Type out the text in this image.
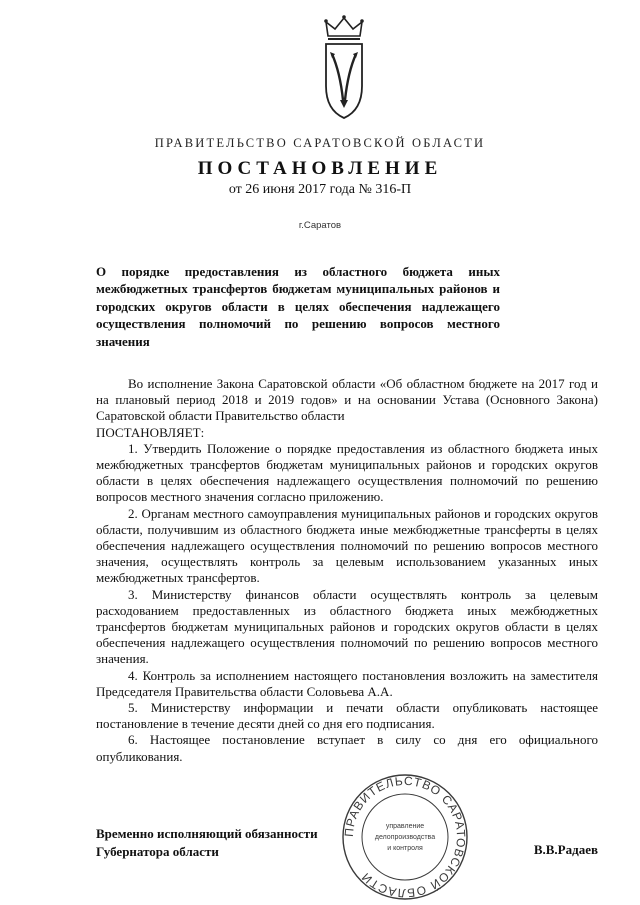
ПРАВИТЕЛЬСТВО САРАТОВСКОЙ ОБЛАСТИ
ПОСТАНОВЛЕНИЕ
от 26 июня 2017 года № 316-П
г.Саратов
О порядке предоставления из областного бюджета иных межбюджетных трансфертов бюджетам муниципальных районов и городских округов области в целях обеспечения надлежащего осуществления полномочий по решению вопросов местного значения

Во исполнение Закона Саратовской области «Об областном бюджете на 2017 год и на плановый период 2018 и 2019 годов» и на основании Устава (Основного Закона) Саратовской области Правительство области

ПОСТАНОВЛЯЕТ:

1. Утвердить Положение о порядке предоставления из областного бюджета иных межбюджетных трансфертов бюджетам муниципальных районов и городских округов области в целях обеспечения надлежащего осуществления полномочий по решению вопросов местного значения согласно приложению.

2. Органам местного самоуправления муниципальных районов и городских округов области, получившим из областного бюджета иные межбюджетные трансферты в целях обеспечения надлежащего осуществления полномочий по решению вопросов местного значения, осуществлять контроль за целевым использованием указанных иных межбюджетных трансфертов.

3. Министерству финансов области осуществлять контроль за целевым расходованием предоставленных из областного бюджета иных межбюджетных трансфертов бюджетам муниципальных районов и городских округов области в целях обеспечения надлежащего осуществления полномочий по решению вопросов местного значения.

4. Контроль за исполнением настоящего постановления возложить на заместителя Председателя Правительства области Соловьева А.А.

5. Министерству информации и печати области опубликовать настоящее постановление в течение десяти дней со дня его подписания.

6. Настоящее постановление вступает в силу со дня его официального опубликования.

Временно исполняющий обязанности
Губернатора области	В.В.Радаев
ПРАВИТЕЛЬСТВО САРАТОВСКОЙ ОБЛАСТИ
управление
делопроизводства
и контроля
